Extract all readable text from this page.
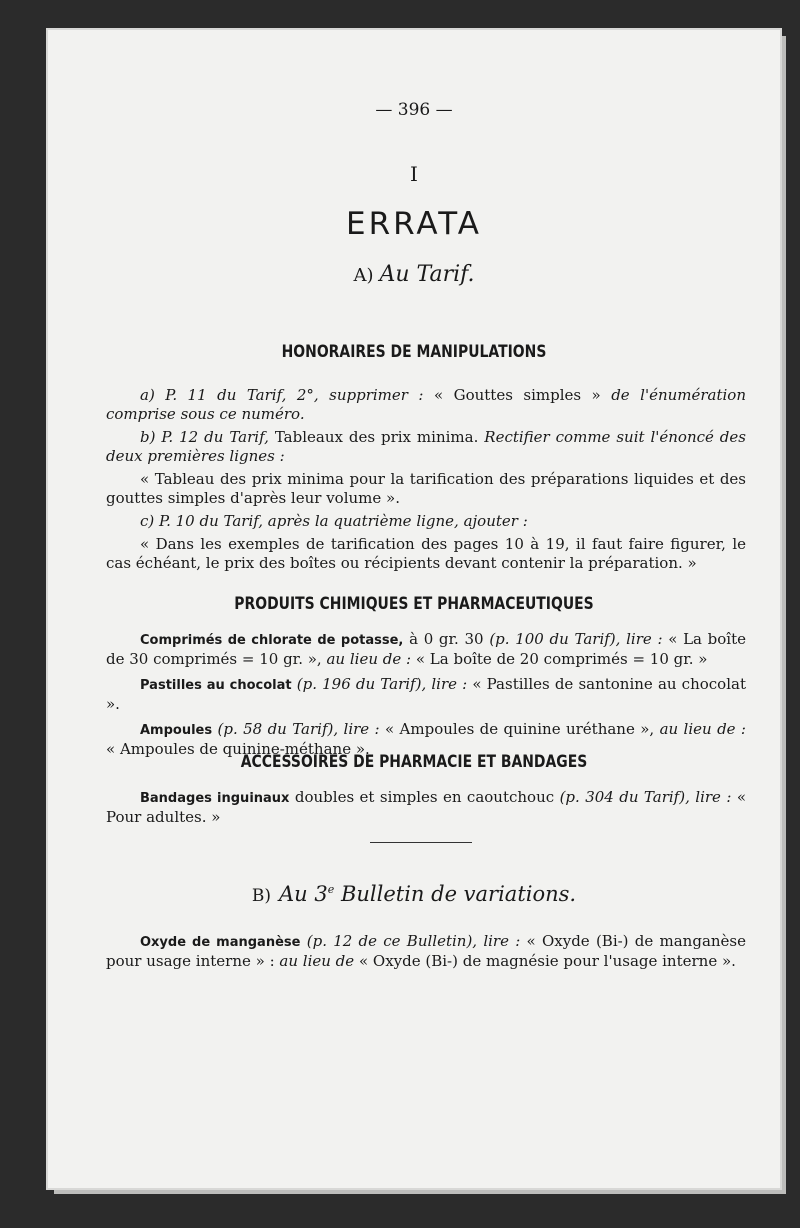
— 396 —
I
ERRATA
A) Au Tarif.
HONORAIRES DE MANIPULATIONS

a) P. 11 du Tarif, 2°, supprimer : « Gouttes simples » de l'énumération comprise sous ce numéro.

b) P. 12 du Tarif, Tableaux des prix minima. Rectifier comme suit l'énoncé des deux premières lignes :

« Tableau des prix minima pour la tarification des préparations liquides et des gouttes simples d'après leur volume ».

c) P. 10 du Tarif, après la quatrième ligne, ajouter :

« Dans les exemples de tarification des pages 10 à 19, il faut faire figurer, le cas échéant, le prix des boîtes ou récipients devant contenir la préparation. »

PRODUITS CHIMIQUES ET PHARMACEUTIQUES

Comprimés de chlorate de potasse, à 0 gr. 30 (p. 100 du Tarif), lire : « La boîte de 30 comprimés = 10 gr. », au lieu de : « La boîte de 20 comprimés = 10 gr. »

Pastilles au chocolat (p. 196 du Tarif), lire : « Pastilles de santonine au chocolat ».

Ampoules (p. 58 du Tarif), lire : « Ampoules de quinine uréthane », au lieu de : « Ampoules de quinine-méthane ».

ACCESSOIRES DE PHARMACIE ET BANDAGES

Bandages inguinaux doubles et simples en caoutchouc (p. 304 du Tarif), lire : « Pour adultes. »

B) Au 3e Bulletin de variations.

Oxyde de manganèse (p. 12 de ce Bulletin), lire : « Oxyde (Bi-) de manganèse pour usage interne » : au lieu de « Oxyde (Bi-) de magnésie pour l'usage interne ».
